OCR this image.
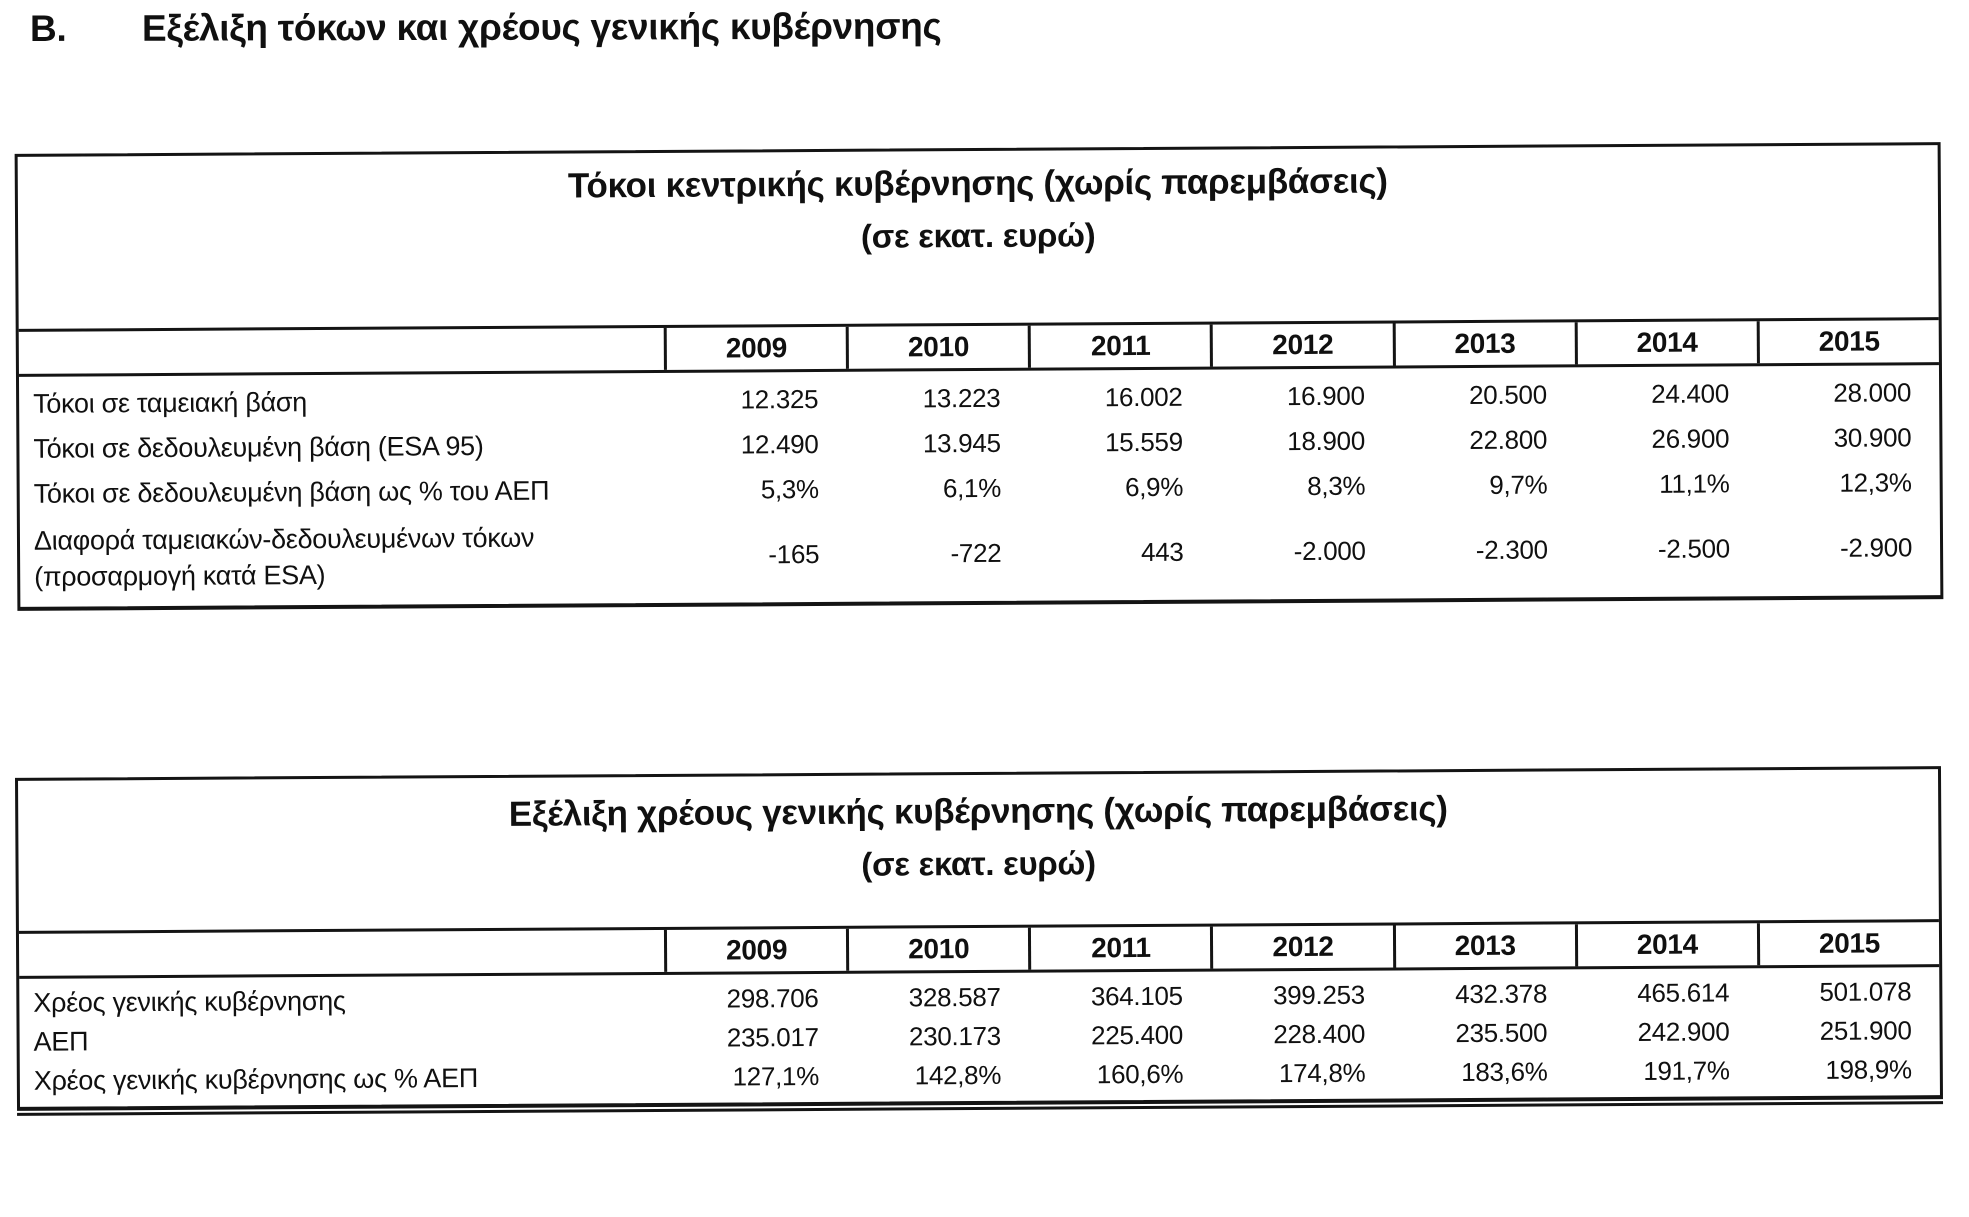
Β.	Εξέλιξη τόκων και χρέους γενικής κυβέρνησης
Τόκοι κεντρικής κυβέρνησης (χωρίς παρεμβάσεις)
(σε εκατ. ευρώ)
2009	2010	2011	2012	2013	2014	2015
Τόκοι σε ταμειακή βάση	12.325	13.223	16.002	16.900	20.500	24.400	28.000
Τόκοι σε δεδουλευμένη βάση (ESA 95)	12.490	13.945	15.559	18.900	22.800	26.900	30.900
Τόκοι σε δεδουλευμένη βάση ως % του ΑΕΠ	5,3%	6,1%	6,9%	8,3%	9,7%	11,1%	12,3%
Διαφορά ταμειακών-δεδουλευμένων τόκων
(προσαρμογή κατά ESA)
-165	-722	443	-2.000	-2.300	-2.500	-2.900
Εξέλιξη χρέους γενικής κυβέρνησης (χωρίς παρεμβάσεις)
(σε εκατ. ευρώ)
2009	2010	2011	2012	2013	2014	2015
Χρέος γενικής κυβέρνησης	298.706	328.587	364.105	399.253	432.378	465.614	501.078
ΑΕΠ	235.017	230.173	225.400	228.400	235.500	242.900	251.900
Χρέος γενικής κυβέρνησης ως % ΑΕΠ	127,1%	142,8%	160,6%	174,8%	183,6%	191,7%	198,9%
